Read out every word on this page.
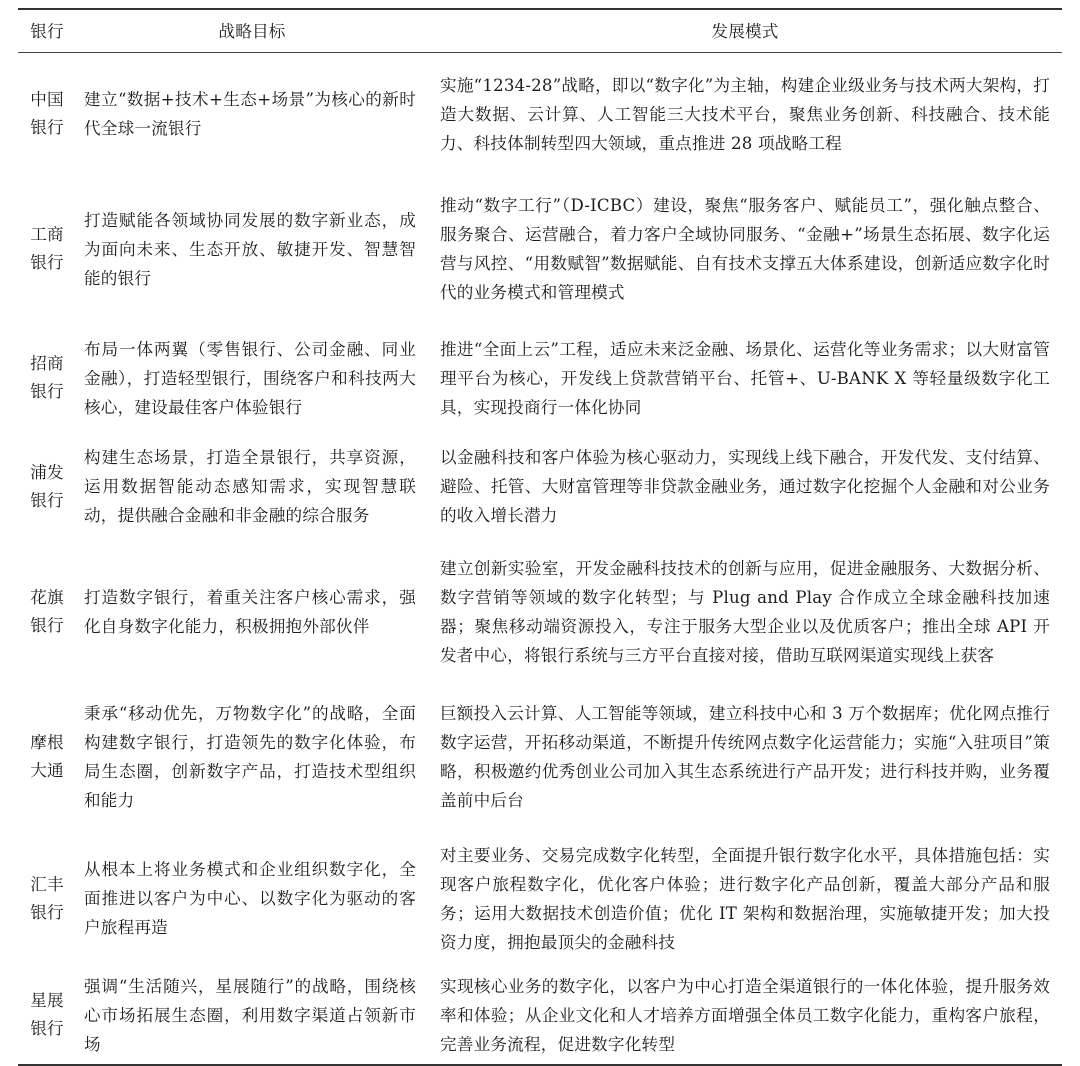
银行	战略目标	发展模式
中国银行	建立“数据+技术+生态+场景”为核心的新时代全球一流银行	实施“1234-28”战略，即以“数字化”为主轴，构建企业级业务与技术两大架构，打造大数据、云计算、人工智能三大技术平台，聚焦业务创新、科技融合、技术能力、科技体制转型四大领域，重点推进 28 项战略工程
工商银行	打造赋能各领域协同发展的数字新业态，成为面向未来、生态开放、敏捷开发、智慧智能的银行	推动“数字工行”（D-ICBC）建设，聚焦“服务客户、赋能员工”，强化触点整合、服务聚合、运营融合，着力客户全域协同服务、“金融+”场景生态拓展、数字化运营与风控、“用数赋智”数据赋能、自有技术支撑五大体系建设，创新适应数字化时代的业务模式和管理模式
招商银行	布局一体两翼（零售银行、公司金融、同业金融），打造轻型银行，围绕客户和科技两大核心，建设最佳客户体验银行	推进“全面上云”工程，适应未来泛金融、场景化、运营化等业务需求；以大财富管理平台为核心，开发线上贷款营销平台、托管+、U-BANK X 等轻量级数字化工具，实现投商行一体化协同
浦发银行	构建生态场景，打造全景银行，共享资源，运用数据智能动态感知需求，实现智慧联动，提供融合金融和非金融的综合服务	以金融科技和客户体验为核心驱动力，实现线上线下融合，开发代发、支付结算、避险、托管、大财富管理等非贷款金融业务，通过数字化挖掘个人金融和对公业务的收入增长潜力
花旗银行	打造数字银行，着重关注客户核心需求，强化自身数字化能力，积极拥抱外部伙伴	建立创新实验室，开发金融科技技术的创新与应用，促进金融服务、大数据分析、数字营销等领域的数字化转型；与 Plug and Play 合作成立全球金融科技加速器；聚焦移动端资源投入，专注于服务大型企业以及优质客户；推出全球 API 开发者中心，将银行系统与三方平台直接对接，借助互联网渠道实现线上获客
摩根大通	秉承“移动优先，万物数字化”的战略，全面构建数字银行，打造领先的数字化体验，布局生态圈，创新数字产品，打造技术型组织和能力	巨额投入云计算、人工智能等领域，建立科技中心和 3 万个数据库；优化网点推行数字运营，开拓移动渠道，不断提升传统网点数字化运营能力；实施“入驻项目”策略，积极邀约优秀创业公司加入其生态系统进行产品开发；进行科技并购，业务覆盖前中后台
汇丰银行	从根本上将业务模式和企业组织数字化，全面推进以客户为中心、以数字化为驱动的客户旅程再造	对主要业务、交易完成数字化转型，全面提升银行数字化水平，具体措施包括：实现客户旅程数字化，优化客户体验；进行数字化产品创新，覆盖大部分产品和服务；运用大数据技术创造价值；优化 IT 架构和数据治理，实施敏捷开发；加大投资力度，拥抱最顶尖的金融科技
星展银行	强调“生活随兴，星展随行”的战略，围绕核心市场拓展生态圈，利用数字渠道占领新市场	实现核心业务的数字化，以客户为中心打造全渠道银行的一体化体验，提升服务效率和体验；从企业文化和人才培养方面增强全体员工数字化能力，重构客户旅程，完善业务流程，促进数字化转型
